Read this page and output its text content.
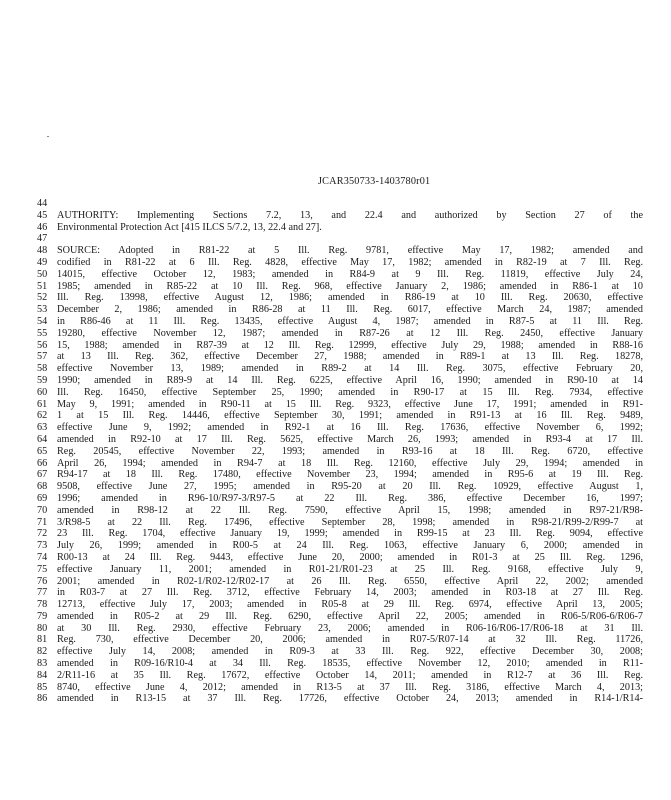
JCAR350733-1403780r01
44
45 AUTHORITY: Implementing Sections 7.2, 13, and 22.4 and authorized by Section 27 of the
46 Environmental Protection Act [415 ILCS 5/7.2, 13, 22.4 and 27].
47
48 SOURCE: Adopted in R81-22 at 5 Ill. Reg. 9781, effective May 17, 1982; amended and
49 codified in R81-22 at 6 Ill. Reg. 4828, effective May 17, 1982; amended in R82-19 at 7 Ill. Reg.
50 14015, effective October 12, 1983; amended in R84-9 at 9 Ill. Reg. 11819, effective July 24,
51 1985; amended in R85-22 at 10 Ill. Reg. 968, effective January 2, 1986; amended in R86-1 at 10
52 Ill. Reg. 13998, effective August 12, 1986; amended in R86-19 at 10 Ill. Reg. 20630, effective
53 December 2, 1986; amended in R86-28 at 11 Ill. Reg. 6017, effective March 24, 1987; amended
54 in R86-46 at 11 Ill. Reg. 13435, effective August 4, 1987; amended in R87-5 at 11 Ill. Reg.
55 19280, effective November 12, 1987; amended in R87-26 at 12 Ill. Reg. 2450, effective January
56 15, 1988; amended in R87-39 at 12 Ill. Reg. 12999, effective July 29, 1988; amended in R88-16
57 at 13 Ill. Reg. 362, effective December 27, 1988; amended in R89-1 at 13 Ill. Reg. 18278,
58 effective November 13, 1989; amended in R89-2 at 14 Ill. Reg. 3075, effective February 20,
59 1990; amended in R89-9 at 14 Ill. Reg. 6225, effective April 16, 1990; amended in R90-10 at 14
60 Ill. Reg. 16450, effective September 25, 1990; amended in R90-17 at 15 Ill. Reg. 7934, effective
61 May 9, 1991; amended in R90-11 at 15 Ill. Reg. 9323, effective June 17, 1991; amended in R91-
62 1 at 15 Ill. Reg. 14446, effective September 30, 1991; amended in R91-13 at 16 Ill. Reg. 9489,
63 effective June 9, 1992; amended in R92-1 at 16 Ill. Reg. 17636, effective November 6, 1992;
64 amended in R92-10 at 17 Ill. Reg. 5625, effective March 26, 1993; amended in R93-4 at 17 Ill.
65 Reg. 20545, effective November 22, 1993; amended in R93-16 at 18 Ill. Reg. 6720, effective
66 April 26, 1994; amended in R94-7 at 18 Ill. Reg. 12160, effective July 29, 1994; amended in
67 R94-17 at 18 Ill. Reg. 17480, effective November 23, 1994; amended in R95-6 at 19 Ill. Reg.
68 9508, effective June 27, 1995; amended in R95-20 at 20 Ill. Reg. 10929, effective August 1,
69 1996; amended in R96-10/R97-3/R97-5 at 22 Ill. Reg. 386, effective December 16, 1997;
70 amended in R98-12 at 22 Ill. Reg. 7590, effective April 15, 1998; amended in R97-21/R98-
71 3/R98-5 at 22 Ill. Reg. 17496, effective September 28, 1998; amended in R98-21/R99-2/R99-7 at
72 23 Ill. Reg. 1704, effective January 19, 1999; amended in R99-15 at 23 Ill. Reg. 9094, effective
73 July 26, 1999; amended in R00-5 at 24 Ill. Reg. 1063, effective January 6, 2000; amended in
74 R00-13 at 24 Ill. Reg. 9443, effective June 20, 2000; amended in R01-3 at 25 Ill. Reg. 1296,
75 effective January 11, 2001; amended in R01-21/R01-23 at 25 Ill. Reg. 9168, effective July 9,
76 2001; amended in R02-1/R02-12/R02-17 at 26 Ill. Reg. 6550, effective April 22, 2002; amended
77 in R03-7 at 27 Ill. Reg. 3712, effective February 14, 2003; amended in R03-18 at 27 Ill. Reg.
78 12713, effective July 17, 2003; amended in R05-8 at 29 Ill. Reg. 6974, effective April 13, 2005;
79 amended in R05-2 at 29 Ill. Reg. 6290, effective April 22, 2005; amended in R06-5/R06-6/R06-7
80 at 30 Ill. Reg. 2930, effective February 23, 2006; amended in R06-16/R06-17/R06-18 at 31 Ill.
81 Reg. 730, effective December 20, 2006; amended in R07-5/R07-14 at 32 Ill. Reg. 11726,
82 effective July 14, 2008; amended in R09-3 at 33 Ill. Reg. 922, effective December 30, 2008;
83 amended in R09-16/R10-4 at 34 Ill. Reg. 18535, effective November 12, 2010; amended in R11-
84 2/R11-16 at 35 Ill. Reg. 17672, effective October 14, 2011; amended in R12-7 at 36 Ill. Reg.
85 8740, effective June 4, 2012; amended in R13-5 at 37 Ill. Reg. 3186, effective March 4, 2013;
86 amended in R13-15 at 37 Ill. Reg. 17726, effective October 24, 2013; amended in R14-1/R14-
